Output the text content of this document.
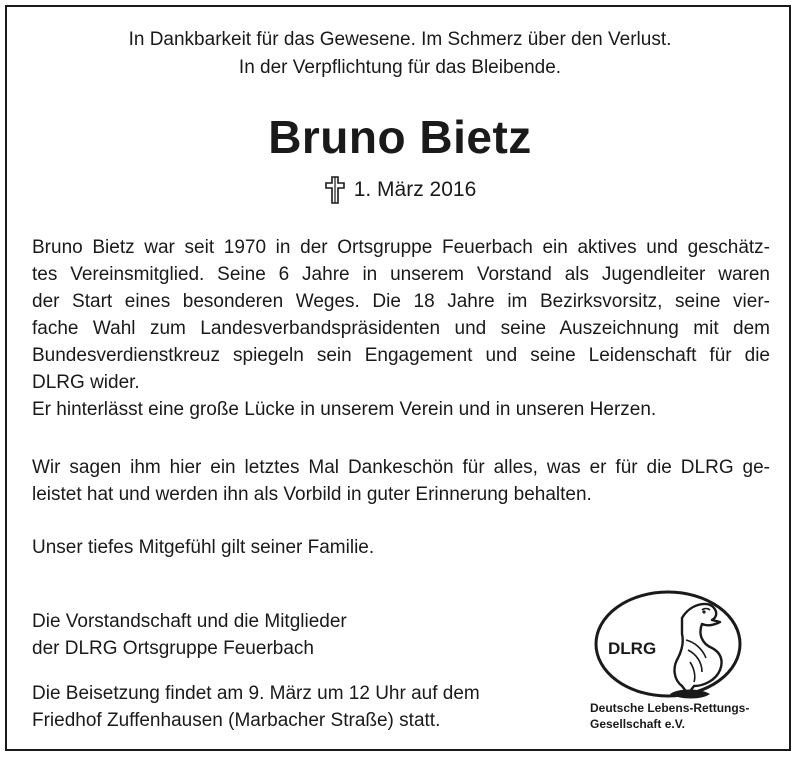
In Dankbarkeit für das Gewesene. Im Schmerz über den Verlust.
In der Verpflichtung für das Bleibende.
Bruno Bietz
1. März 2016
Bruno Bietz war seit 1970 in der Ortsgruppe Feuerbach ein aktives und geschätz-
tes Vereinsmitglied. Seine 6 Jahre in unserem Vorstand als Jugendleiter waren
der Start eines besonderen Weges. Die 18 Jahre im Bezirksvorsitz, seine vier-
fache Wahl zum Landesverbandspräsidenten und seine Auszeichnung mit dem
Bundesverdienstkreuz spiegeln sein Engagement und seine Leidenschaft für die
DLRG wider.
Er hinterlässt eine große Lücke in unserem Verein und in unseren Herzen.
Wir sagen ihm hier ein letztes Mal Dankeschön für alles, was er für die DLRG ge-
leistet hat und werden ihn als Vorbild in guter Erinnerung behalten.
Unser tiefes Mitgefühl gilt seiner Familie.
Die Vorstandschaft und die Mitglieder
der DLRG Ortsgruppe Feuerbach
Die Beisetzung findet am 9. März um 12 Uhr auf dem
Friedhof Zuffenhausen (Marbacher Straße) statt.
DLRG
Deutsche Lebens-Rettungs-
Gesellschaft e.V.
